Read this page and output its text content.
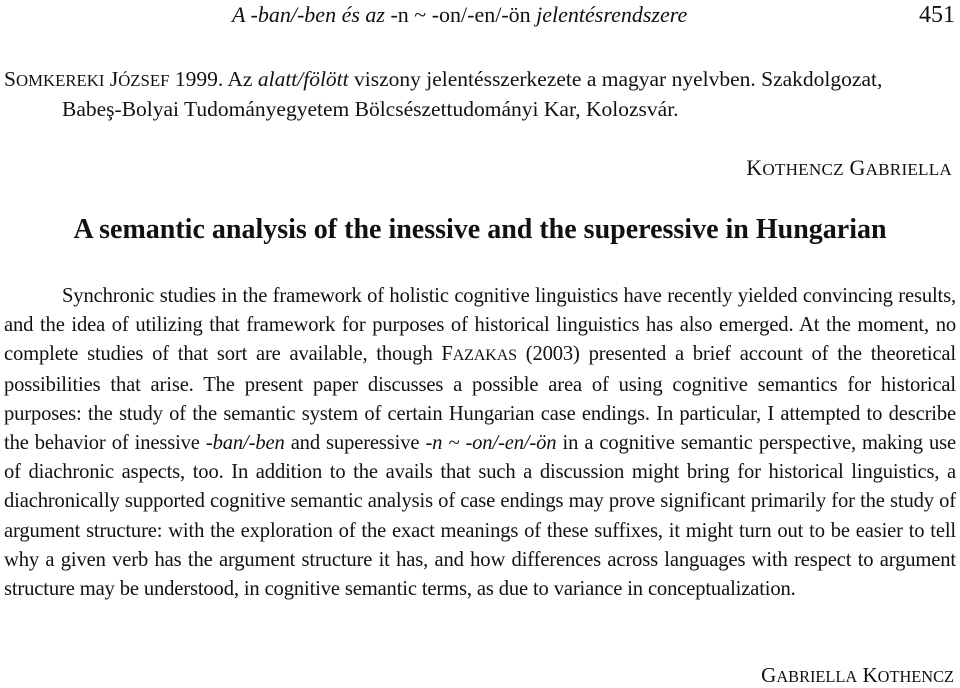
A -ban/-ben és az -n ~ -on/-en/-ön jelentésrendszere	451
SOMKEREKI JÓZSEF 1999. Az alatt/fölött viszony jelentésszerkezete a magyar nyelvben. Szakdolgozat, Babeş-Bolyai Tudományegyetem Bölcsészettudományi Kar, Kolozsvár.
KOTHENCZ GABRIELLA
A semantic analysis of the inessive and the superessive in Hungarian

Synchronic studies in the framework of holistic cognitive linguistics have recently yielded convincing results, and the idea of utilizing that framework for purposes of historical linguistics has also emerged. At the moment, no complete studies of that sort are available, though FAZAKAS (2003) presented a brief account of the theoretical possibilities that arise. The present paper discusses a possible area of using cognitive semantics for historical purposes: the study of the semantic system of certain Hungarian case endings. In particular, I attempted to describe the behavior of inessive -ban/-ben and superessive -n ~ -on/-en/-ön in a cognitive semantic perspective, making use of diachronic aspects, too. In addition to the avails that such a discussion might bring for historical linguistics, a diachronically supported cognitive semantic analysis of case endings may prove significant primarily for the study of argument structure: with the exploration of the exact meanings of these suffixes, it might turn out to be easier to tell why a given verb has the argument structure it has, and how differences across languages with respect to argument structure may be understood, in cognitive semantic terms, as due to variance in conceptualization.

GABRIELLA KOTHENCZ
